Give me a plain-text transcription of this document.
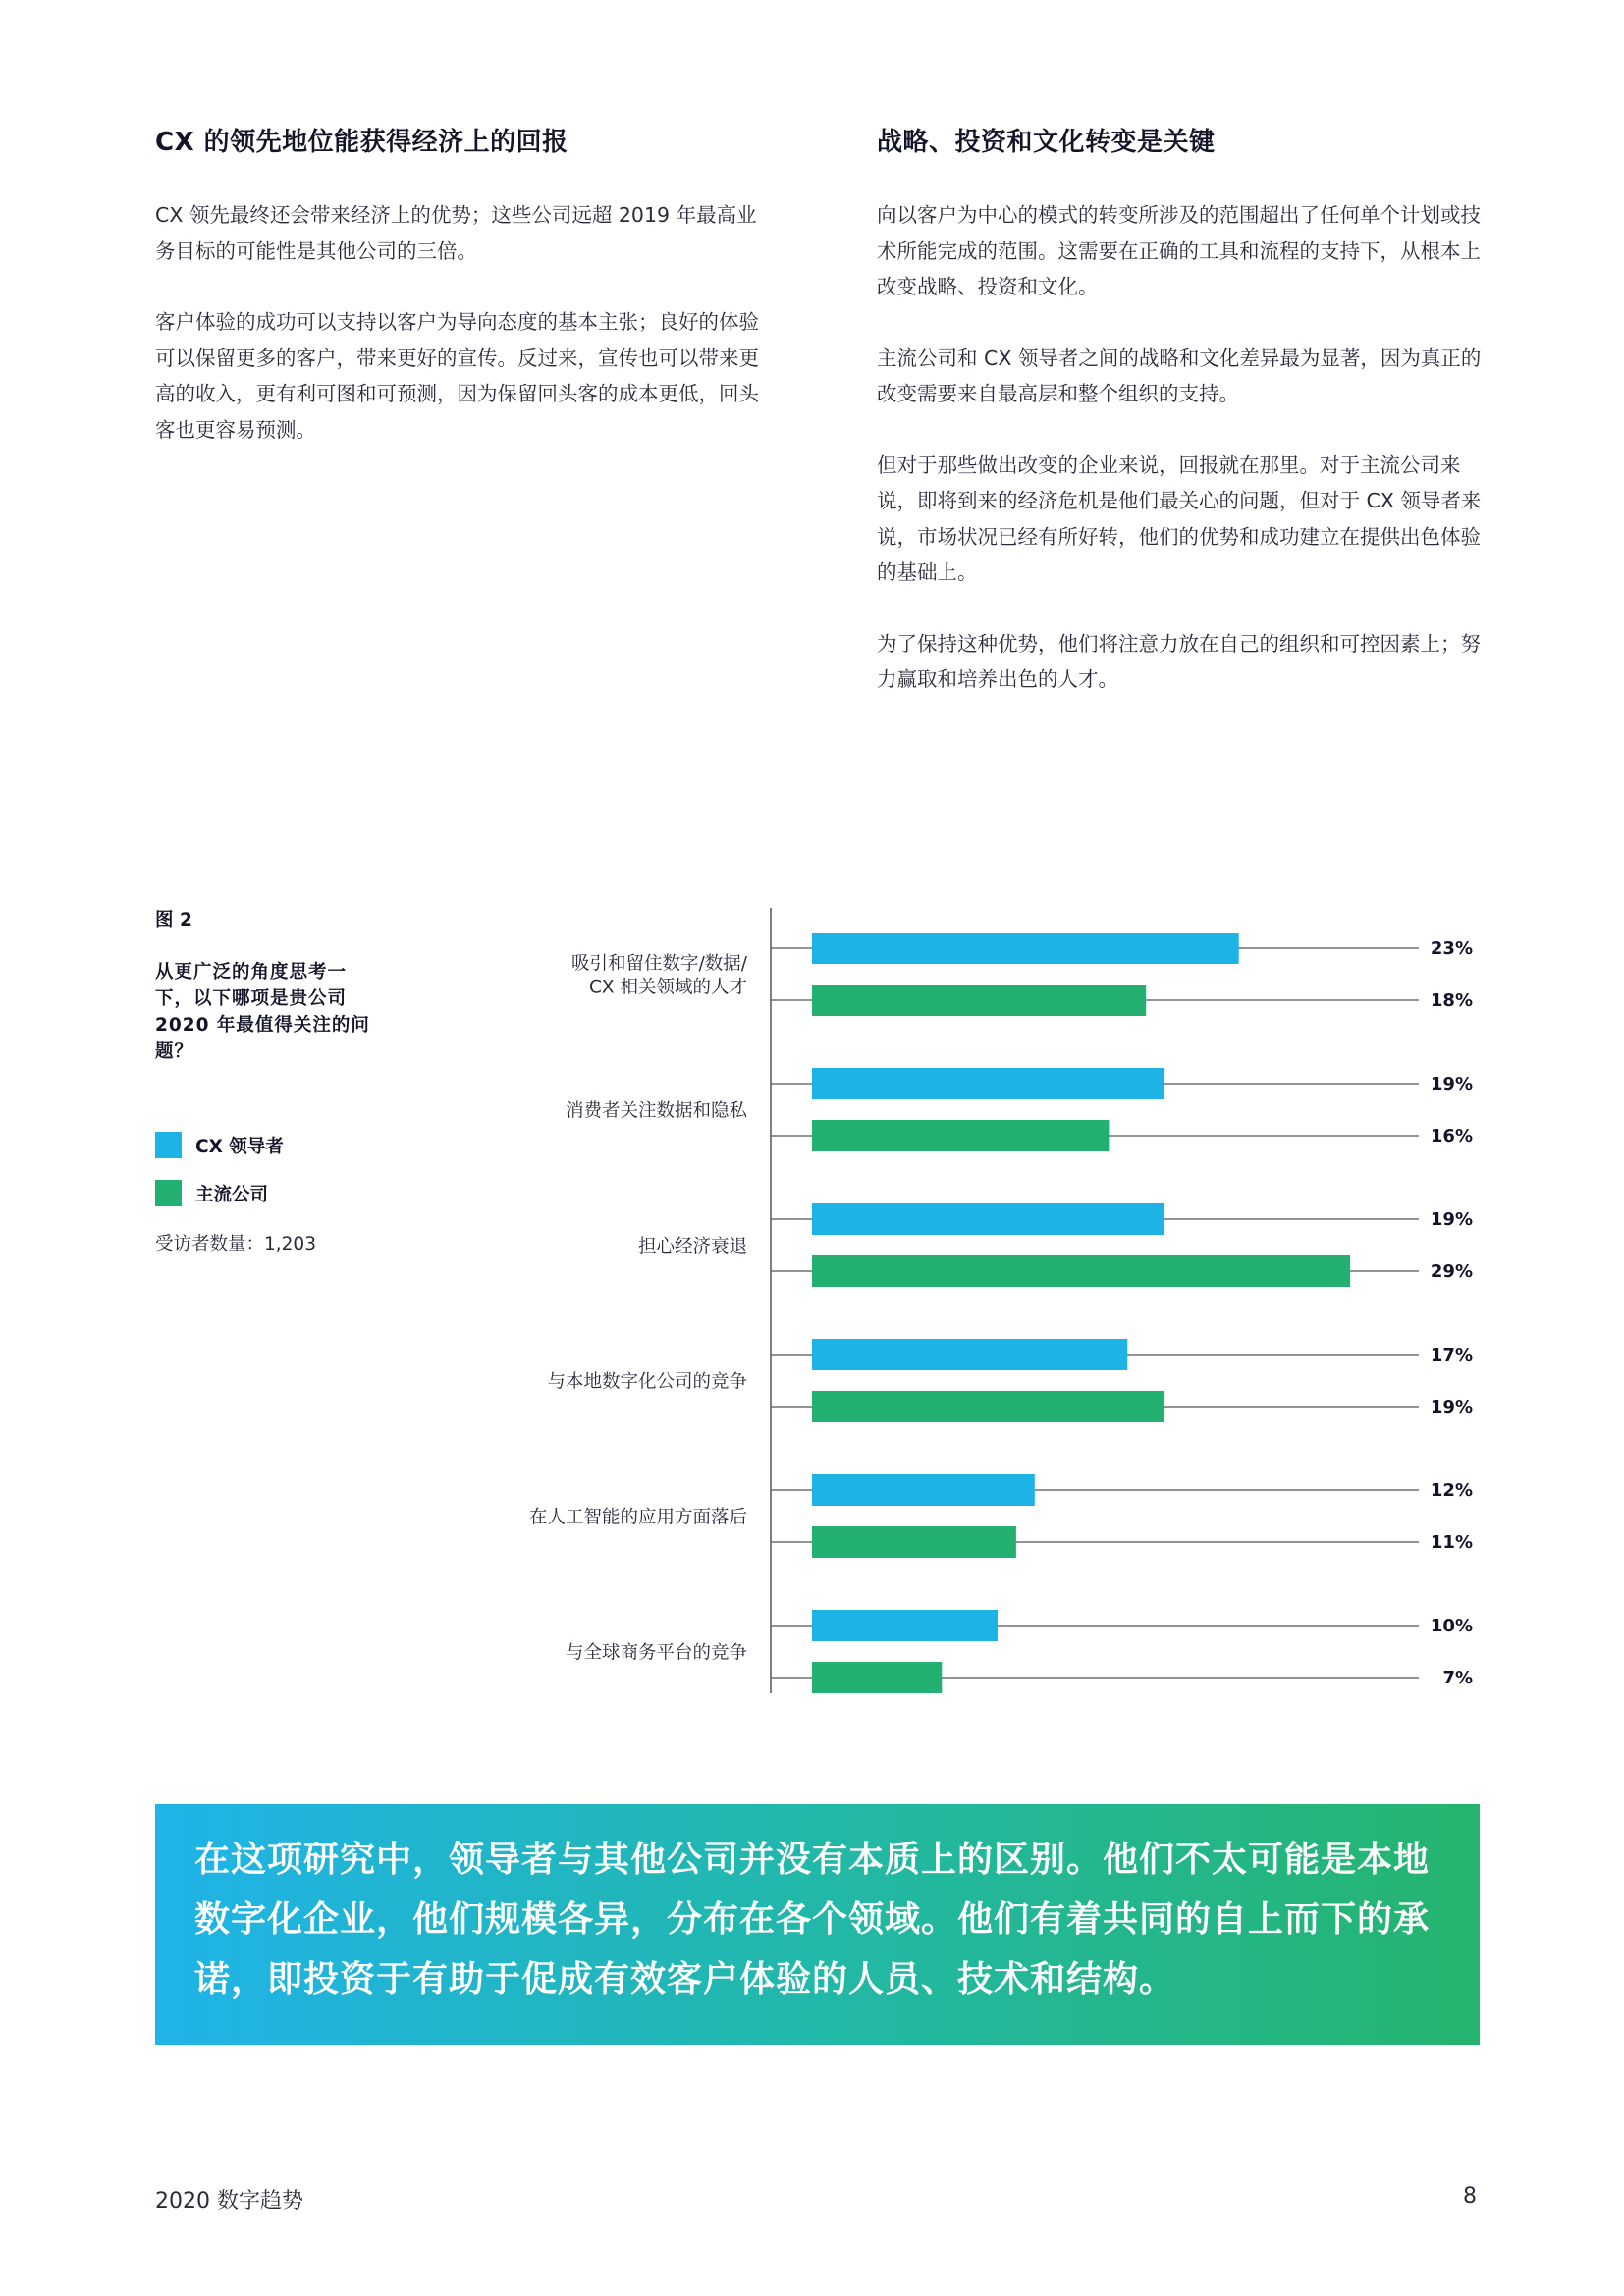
CX 的领先地位能获得经济上的回报

CX 领先最终还会带来经济上的优势；这些公司远超 2019 年最高业务目标的可能性是其他公司的三倍。

客户体验的成功可以支持以客户为导向态度的基本主张；良好的体验可以保留更多的客户，带来更好的宣传。反过来，宣传也可以带来更高的收入，更有利可图和可预测，因为保留回头客的成本更低，回头客也更容易预测。

战略、投资和文化转变是关键

向以客户为中心的模式的转变所涉及的范围超出了任何单个计划或技术所能完成的范围。这需要在正确的工具和流程的支持下，从根本上改变战略、投资和文化。

主流公司和 CX 领导者之间的战略和文化差异最为显著，因为真正的改变需要来自最高层和整个组织的支持。

但对于那些做出改变的企业来说，回报就在那里。对于主流公司来说，即将到来的经济危机是他们最关心的问题，但对于 CX 领导者来说，市场状况已经有所好转，他们的优势和成功建立在提供出色体验的基础上。

为了保持这种优势，他们将注意力放在自己的组织和可控因素上；努力赢取和培养出色的人才。

图 2
从更广泛的角度思考一下，以下哪项是贵公司 2020 年最值得关注的问题？
CX 领导者
主流公司
受访者数量：1,203
23%
18%
吸引和留住数字/数据/
CX 相关领域的人才
19%
16%
消费者关注数据和隐私
19%
29%
担心经济衰退
17%
19%
与本地数字化公司的竞争
12%
11%
在人工智能的应用方面落后
10%
7%
与全球商务平台的竞争
在这项研究中，领导者与其他公司并没有本质上的区别。他们不太可能是本地数字化企业，他们规模各异，分布在各个领域。他们有着共同的自上而下的承诺，即投资于有助于促成有效客户体验的人员、技术和结构。
2020 数字趋势	8
